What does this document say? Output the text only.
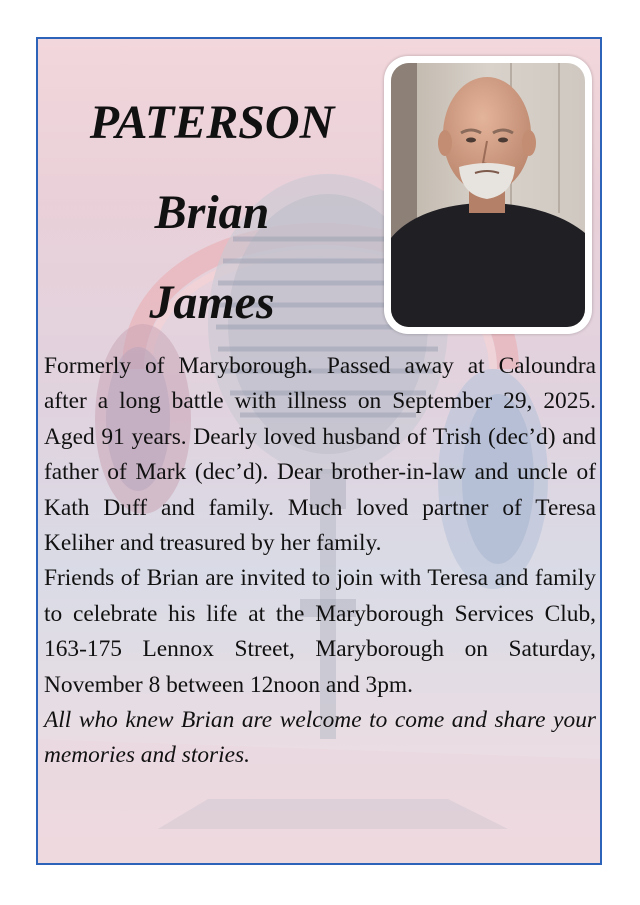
PATERSON
Brian
James

Formerly of Maryborough. Passed away at Caloundra after a long battle with illness on September 29, 2025. Aged 91 years. Dearly loved husband of Trish (dec’d) and father of Mark (dec’d). Dear brother-in-law and uncle of Kath Duff and family. Much loved partner of Teresa Keliher and treasured by her family.

Friends of Brian are invited to join with Teresa and family to celebrate his life at the Maryborough Services Club, 163-175 Lennox Street, Maryborough on Saturday, November 8 between 12noon and 3pm.

All who knew Brian are welcome to come and share your memories and stories.
